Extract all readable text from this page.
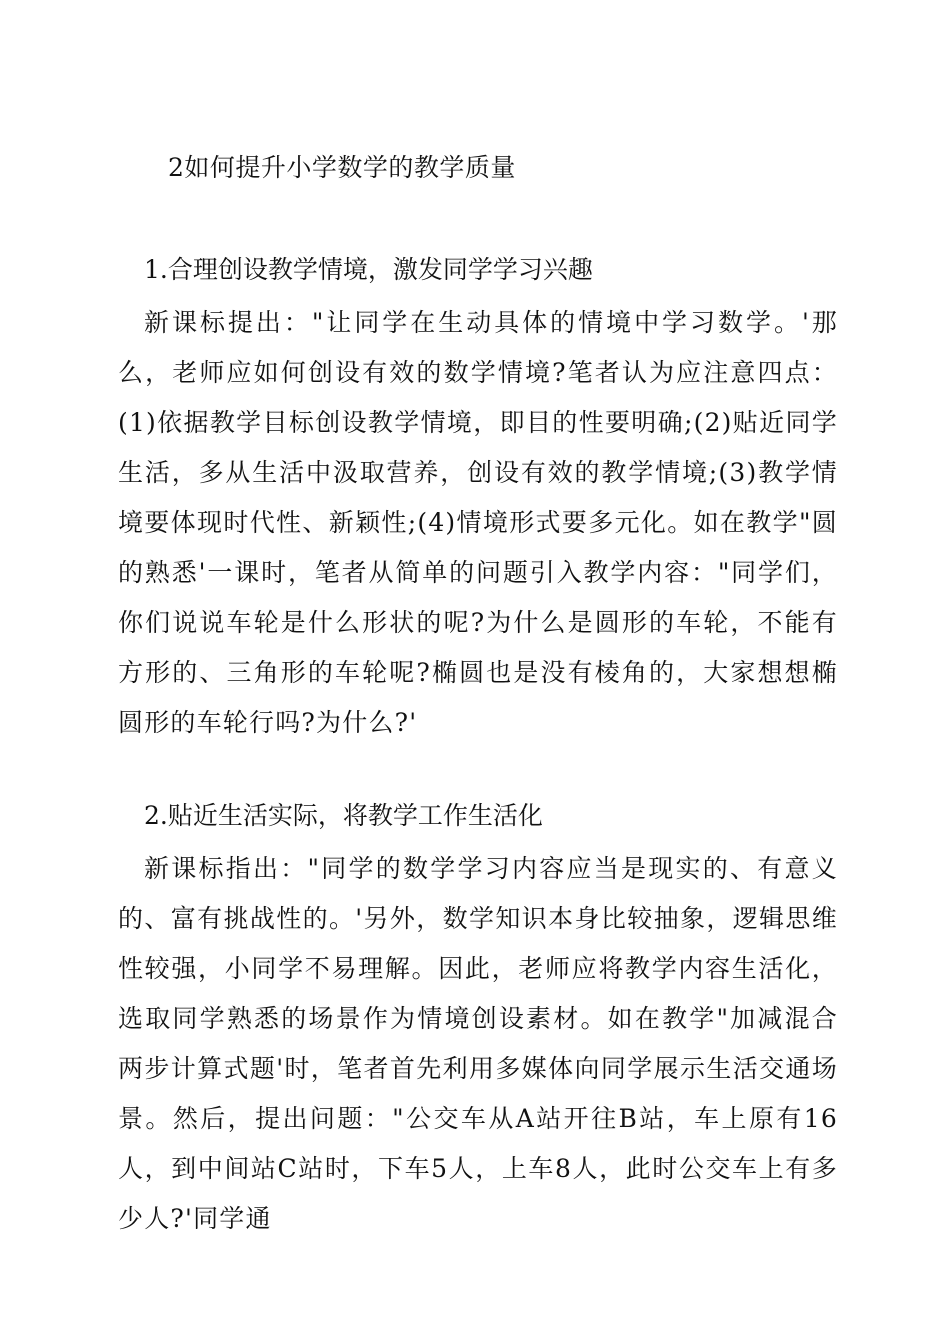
2如何提升小学数学的教学质量
1.合理创设教学情境，激发同学学习兴趣
新课标提出："让同学在生动具体的情境中学习数学。'那么，老师应如何创设有效的数学情境?笔者认为应注意四点：(1)依据教学目标创设教学情境，即目的性要明确;(2)贴近同学生活，多从生活中汲取营养，创设有效的教学情境;(3)教学情境要体现时代性、新颖性;(4)情境形式要多元化。如在教学"圆的熟悉'一课时，笔者从简单的问题引入教学内容："同学们，你们说说车轮是什么形状的呢?为什么是圆形的车轮，不能有方形的、三角形的车轮呢?椭圆也是没有棱角的，大家想想椭圆形的车轮行吗?为什么?'
2.贴近生活实际，将教学工作生活化
新课标指出："同学的数学学习内容应当是现实的、有意义的、富有挑战性的。'另外，数学知识本身比较抽象，逻辑思维性较强，小同学不易理解。因此，老师应将教学内容生活化，选取同学熟悉的场景作为情境创设素材。如在教学"加减混合两步计算式题'时，笔者首先利用多媒体向同学展示生活交通场景。然后，提出问题："公交车从A站开往B站，车上原有16人，到中间站C站时，下车5人，上车8人，此时公交车上有多少人?'同学通
